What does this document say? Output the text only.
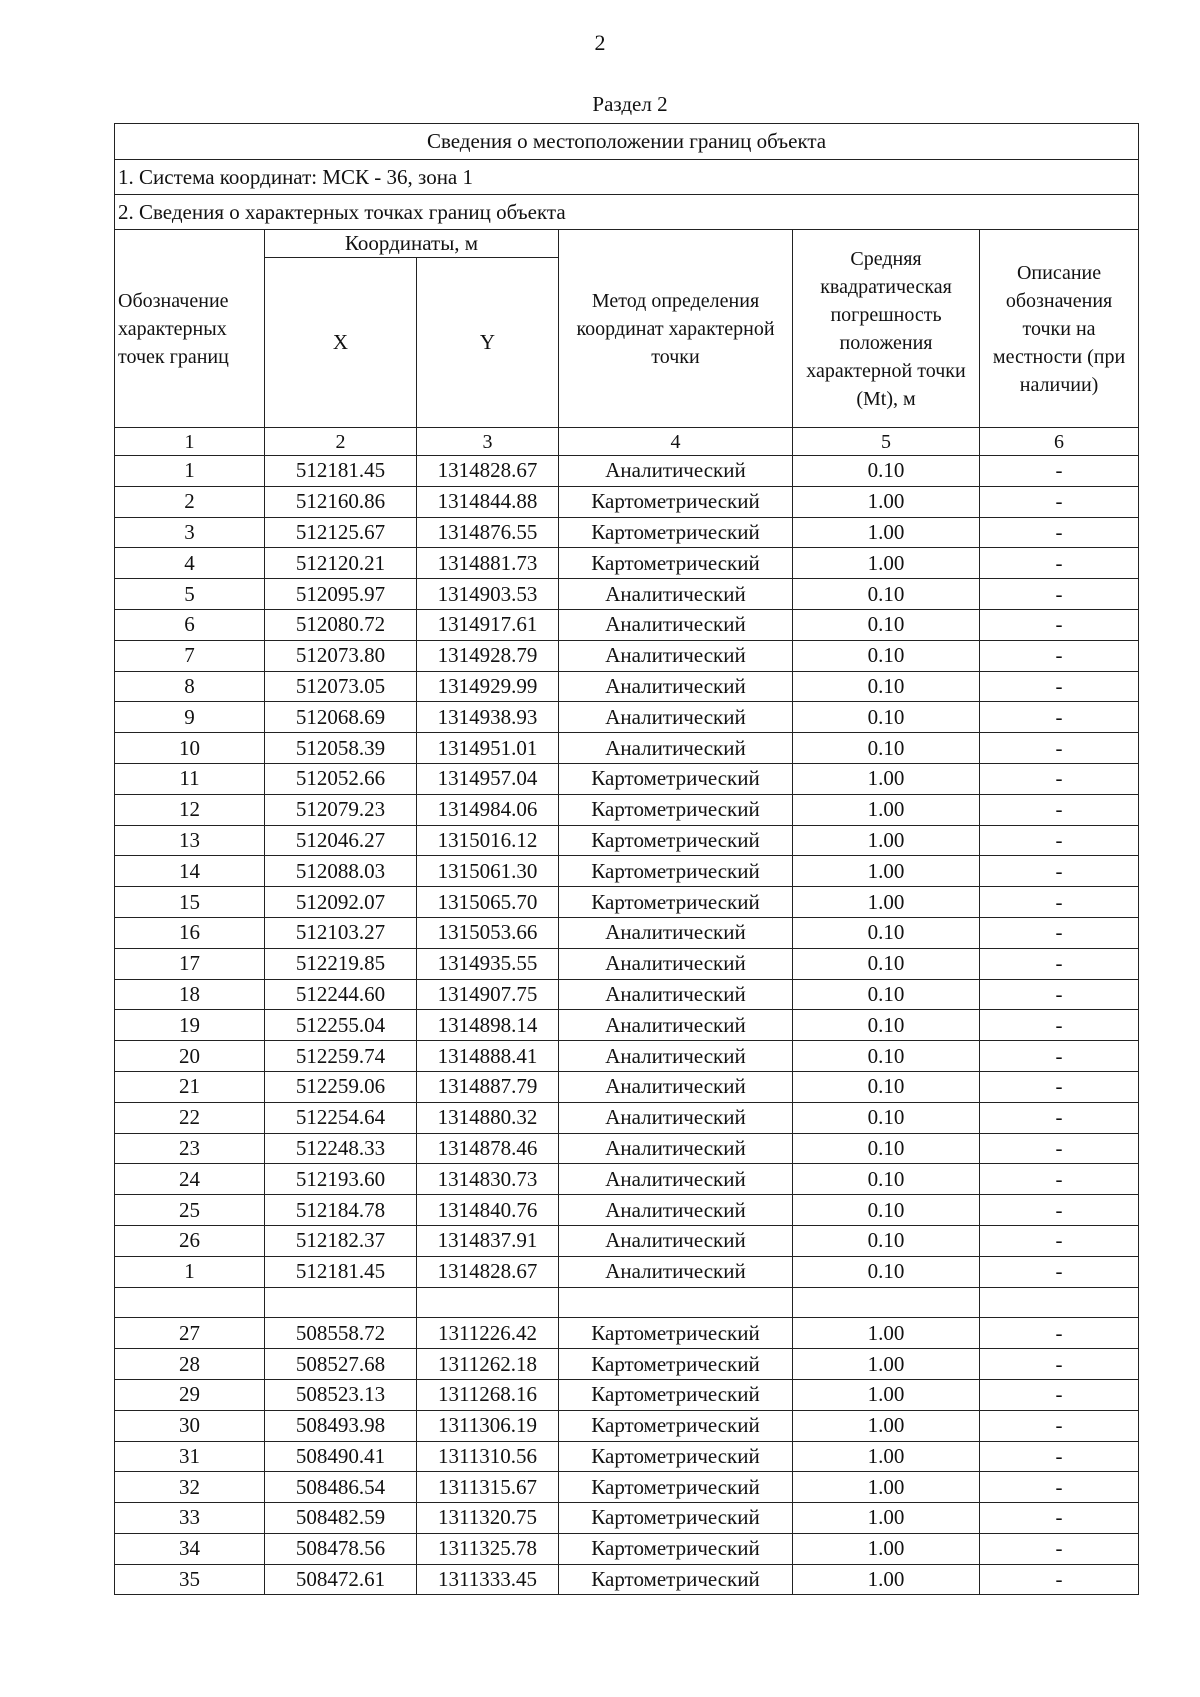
2
Раздел 2
Сведения о местоположении границ объекта					
1. Система координат: МСК - 36, зона 1					
2. Сведения о характерных точках границ объекта					
Обозначение характерных точек границ	Координаты, м		Метод определения координат характерной точки	Средняя квадратическая погрешность положения характерной точки (Mt), м	Описание обозначения точки на местности (при наличии)
	X	Y			
1	2	3	4	5	6
1	512181.45	1314828.67	Аналитический	0.10	-
2	512160.86	1314844.88	Картометрический	1.00	-
3	512125.67	1314876.55	Картометрический	1.00	-
4	512120.21	1314881.73	Картометрический	1.00	-
5	512095.97	1314903.53	Аналитический	0.10	-
6	512080.72	1314917.61	Аналитический	0.10	-
7	512073.80	1314928.79	Аналитический	0.10	-
8	512073.05	1314929.99	Аналитический	0.10	-
9	512068.69	1314938.93	Аналитический	0.10	-
10	512058.39	1314951.01	Аналитический	0.10	-
11	512052.66	1314957.04	Картометрический	1.00	-
12	512079.23	1314984.06	Картометрический	1.00	-
13	512046.27	1315016.12	Картометрический	1.00	-
14	512088.03	1315061.30	Картометрический	1.00	-
15	512092.07	1315065.70	Картометрический	1.00	-
16	512103.27	1315053.66	Аналитический	0.10	-
17	512219.85	1314935.55	Аналитический	0.10	-
18	512244.60	1314907.75	Аналитический	0.10	-
19	512255.04	1314898.14	Аналитический	0.10	-
20	512259.74	1314888.41	Аналитический	0.10	-
21	512259.06	1314887.79	Аналитический	0.10	-
22	512254.64	1314880.32	Аналитический	0.10	-
23	512248.33	1314878.46	Аналитический	0.10	-
24	512193.60	1314830.73	Аналитический	0.10	-
25	512184.78	1314840.76	Аналитический	0.10	-
26	512182.37	1314837.91	Аналитический	0.10	-
1	512181.45	1314828.67	Аналитический	0.10	-

27	508558.72	1311226.42	Картометрический	1.00	-
28	508527.68	1311262.18	Картометрический	1.00	-
29	508523.13	1311268.16	Картометрический	1.00	-
30	508493.98	1311306.19	Картометрический	1.00	-
31	508490.41	1311310.56	Картометрический	1.00	-
32	508486.54	1311315.67	Картометрический	1.00	-
33	508482.59	1311320.75	Картометрический	1.00	-
34	508478.56	1311325.78	Картометрический	1.00	-
35	508472.61	1311333.45	Картометрический	1.00	-
